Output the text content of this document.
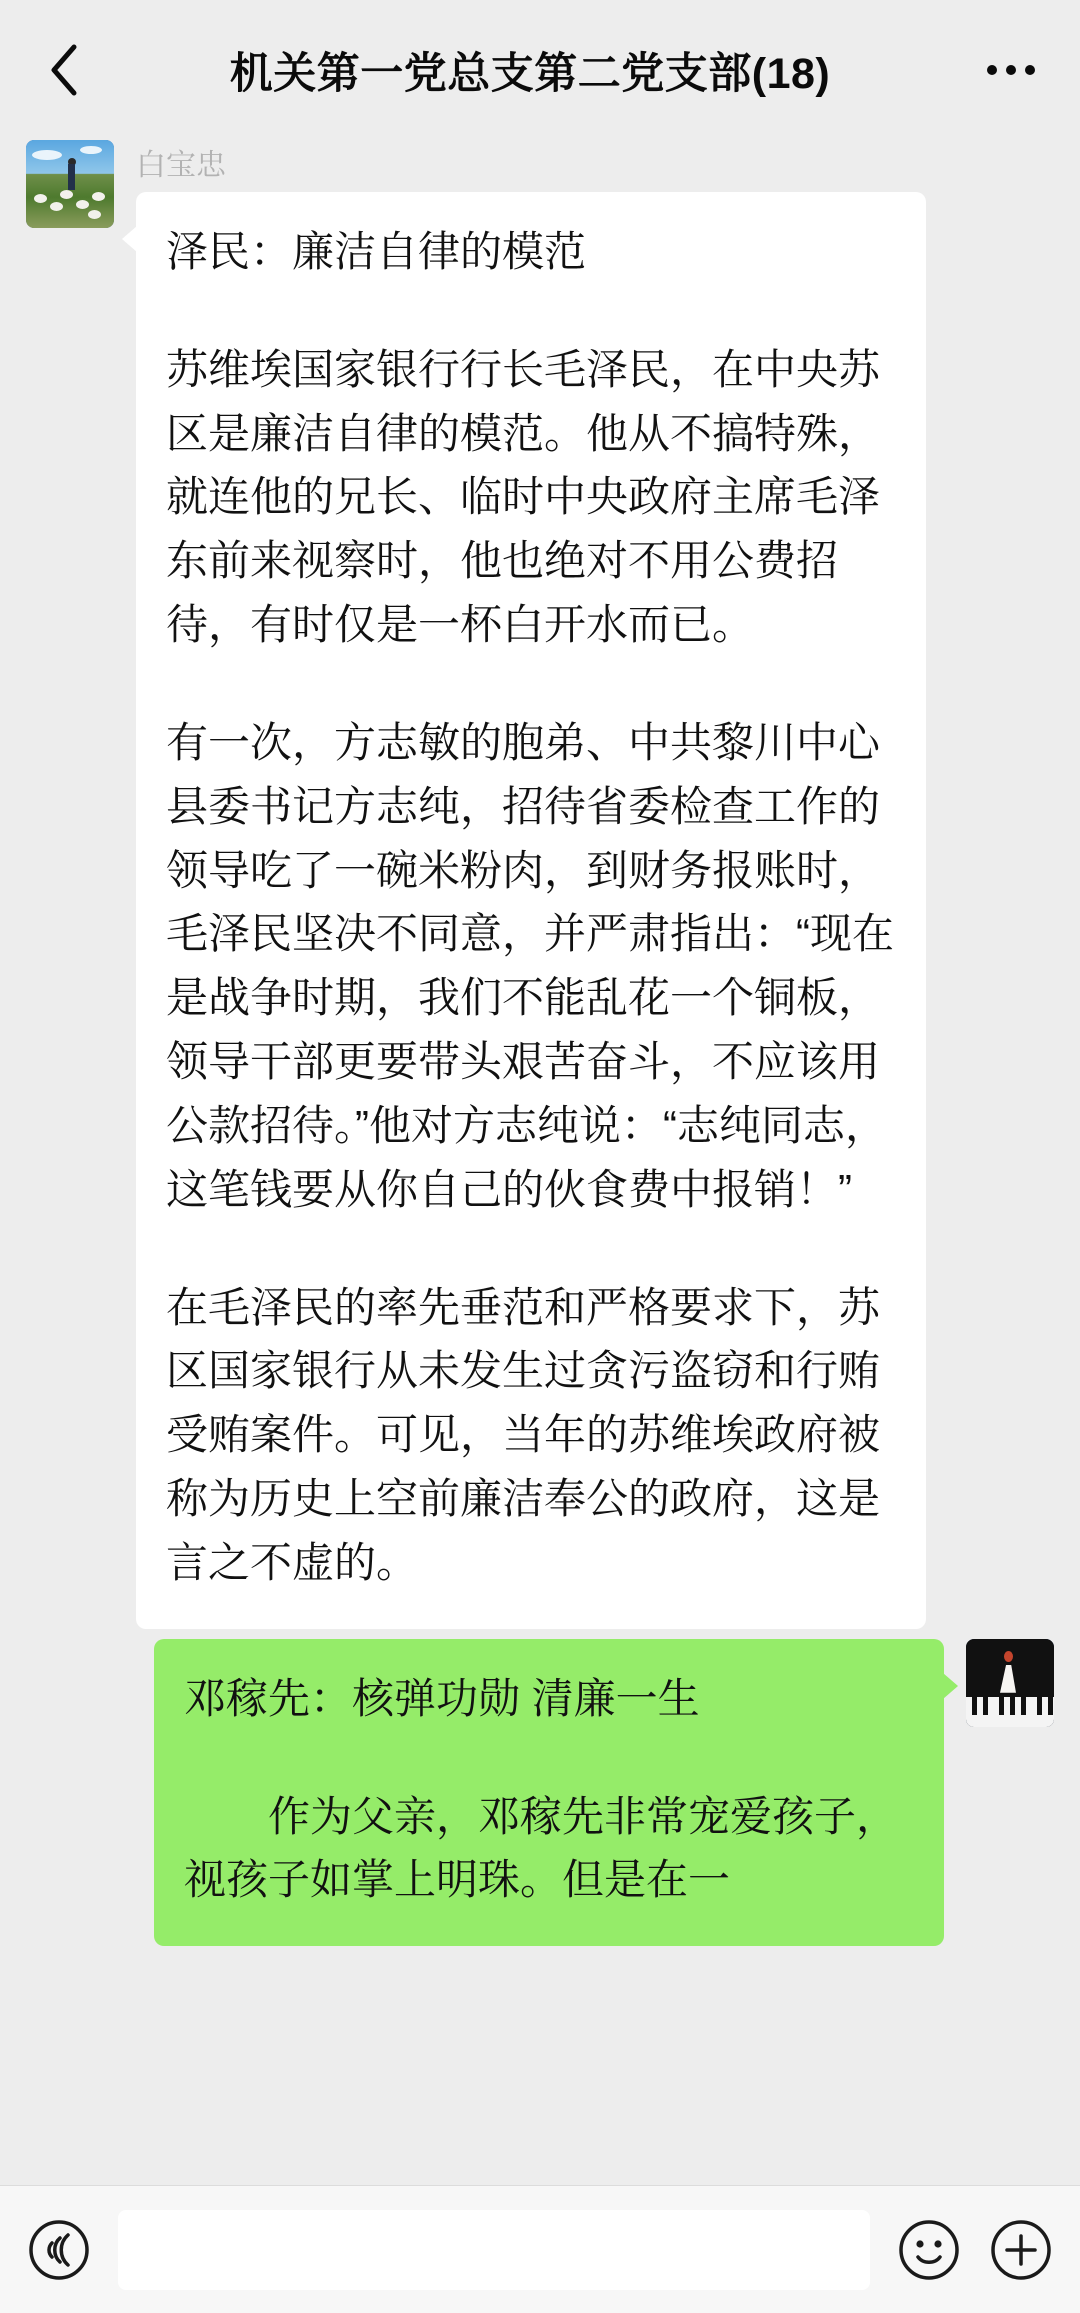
机关第一党总支第二党支部(18)
白宝忠

泽民：廉洁自律的模范

苏维埃国家银行行长毛泽民，在中央苏区是廉洁自律的模范。他从不搞特殊，就连他的兄长、临时中央政府主席毛泽东前来视察时，他也绝对不用公费招待，有时仅是一杯白开水而已。

有一次，方志敏的胞弟、中共黎川中心县委书记方志纯，招待省委检查工作的领导吃了一碗米粉肉，到财务报账时，毛泽民坚决不同意，并严肃指出：“现在是战争时期，我们不能乱花一个铜板，领导干部更要带头艰苦奋斗，不应该用公款招待。”他对方志纯说：“志纯同志，这笔钱要从你自己的伙食费中报销！”

在毛泽民的率先垂范和严格要求下，苏区国家银行从未发生过贪污盗窃和行贿受贿案件。可见，当年的苏维埃政府被称为历史上空前廉洁奉公的政府，这是言之不虚的。

邓稼先：核弹功勋 清廉一生

作为父亲，邓稼先非常宠爱孩子，视孩子如掌上明珠。但是在一
